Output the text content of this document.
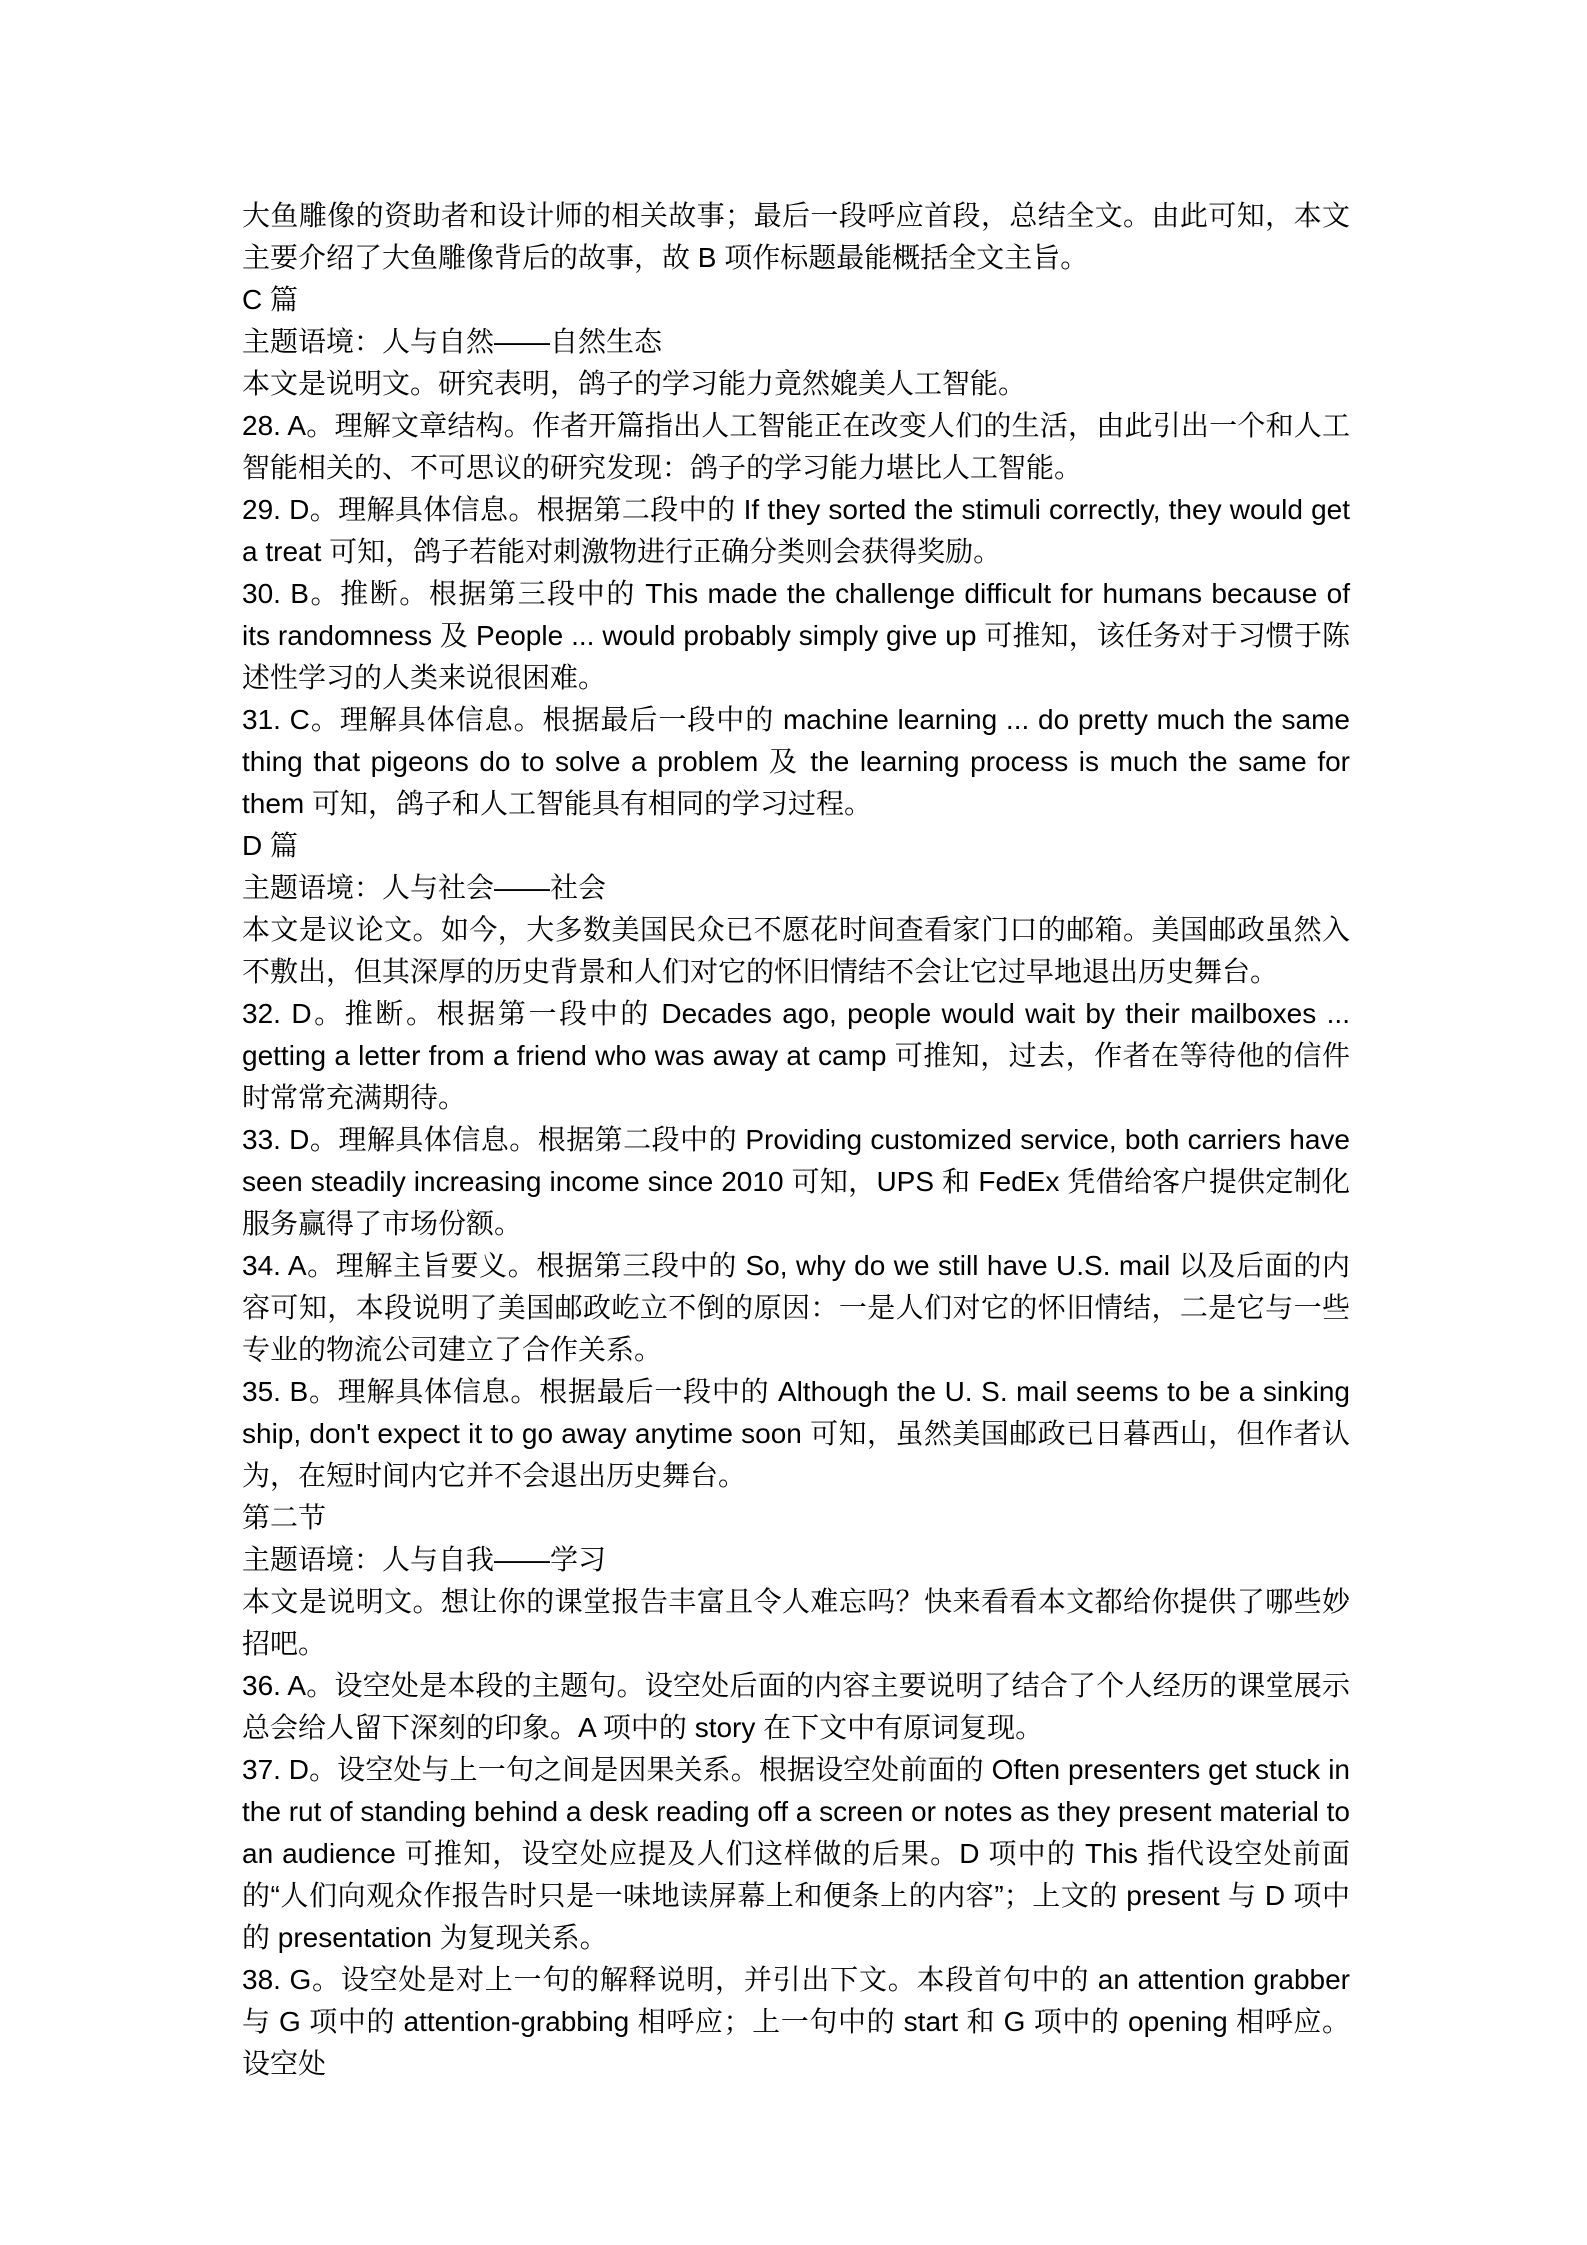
大鱼雕像的资助者和设计师的相关故事；最后一段呼应首段，总结全文。由此可知，本文主要介绍了大鱼雕像背后的故事，故 B 项作标题最能概括全文主旨。

C 篇

主题语境：人与自然——自然生态

本文是说明文。研究表明，鸽子的学习能力竟然媲美人工智能。

28. A。理解文章结构。作者开篇指出人工智能正在改变人们的生活，由此引出一个和人工智能相关的、不可思议的研究发现：鸽子的学习能力堪比人工智能。

29. D。理解具体信息。根据第二段中的 If they sorted the stimuli correctly, they would get a treat 可知，鸽子若能对刺激物进行正确分类则会获得奖励。

30. B。推断。根据第三段中的 This made the challenge difficult for humans because of its randomness 及 People ... would probably simply give up 可推知，该任务对于习惯于陈述性学习的人类来说很困难。

31. C。理解具体信息。根据最后一段中的 machine learning ... do pretty much the same thing that pigeons do to solve a problem 及 the learning process is much the same for them 可知，鸽子和人工智能具有相同的学习过程。

D 篇

主题语境：人与社会——社会

本文是议论文。如今，大多数美国民众已不愿花时间查看家门口的邮箱。美国邮政虽然入不敷出，但其深厚的历史背景和人们对它的怀旧情结不会让它过早地退出历史舞台。

32. D。推断。根据第一段中的 Decades ago, people would wait by their mailboxes ... getting a letter from a friend who was away at camp 可推知，过去，作者在等待他的信件时常常充满期待。

33. D。理解具体信息。根据第二段中的 Providing customized service, both carriers have seen steadily increasing income since 2010 可知，UPS 和 FedEx 凭借给客户提供定制化服务赢得了市场份额。

34. A。理解主旨要义。根据第三段中的 So, why do we still have U.S. mail 以及后面的内容可知，本段说明了美国邮政屹立不倒的原因：一是人们对它的怀旧情结，二是它与一些专业的物流公司建立了合作关系。

35. B。理解具体信息。根据最后一段中的 Although the U. S. mail seems to be a sinking ship, don't expect it to go away anytime soon 可知，虽然美国邮政已日暮西山，但作者认为，在短时间内它并不会退出历史舞台。

第二节

主题语境：人与自我——学习

本文是说明文。想让你的课堂报告丰富且令人难忘吗？快来看看本文都给你提供了哪些妙招吧。

36. A。设空处是本段的主题句。设空处后面的内容主要说明了结合了个人经历的课堂展示总会给人留下深刻的印象。A 项中的 story 在下文中有原词复现。

37. D。设空处与上一句之间是因果关系。根据设空处前面的 Often presenters get stuck in the rut of standing behind a desk reading off a screen or notes as they present material to an audience 可推知，设空处应提及人们这样做的后果。D 项中的 This 指代设空处前面的“人们向观众作报告时只是一味地读屏幕上和便条上的内容”；上文的 present 与 D 项中的 presentation 为复现关系。

38. G。设空处是对上一句的解释说明，并引出下文。本段首句中的 an attention grabber 与 G 项中的 attention-grabbing 相呼应；上一句中的 start 和 G 项中的 opening 相呼应。设空处
